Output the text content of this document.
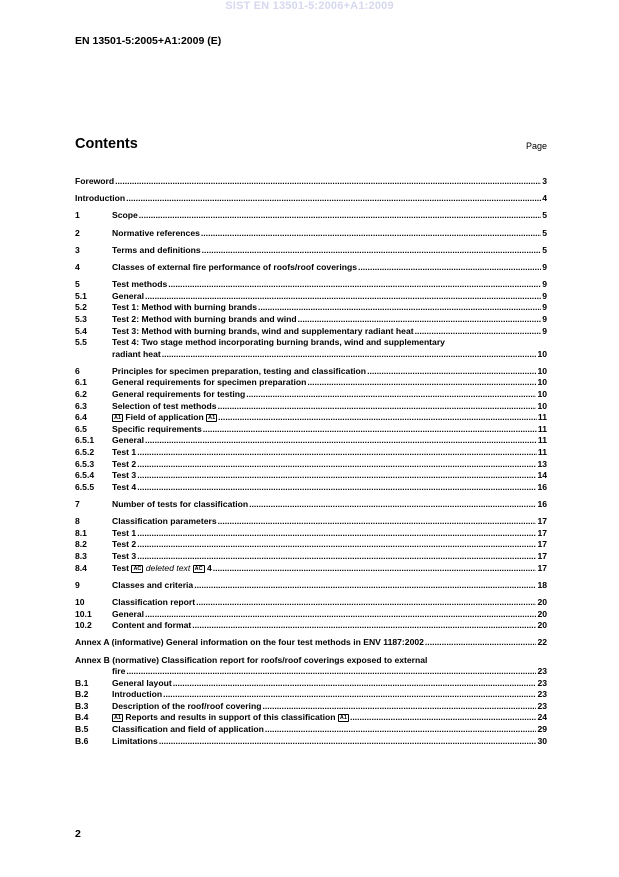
SIST EN 13501-5:2006+A1:2009
EN 13501-5:2005+A1:2009 (E)
Contents	Page
Foreword .....	3
Introduction .....	4
1	Scope .....	5
2	Normative references .....	5
3	Terms and definitions .....	5
4	Classes of external fire performance of roofs/roof coverings .....	9
5	Test methods .....	9
5.1	General .....	9
5.2	Test 1: Method with burning brands .....	9
5.3	Test 2: Method with burning brands and wind .....	9
5.4	Test 3: Method with burning brands, wind and supplementary radiant heat .....	9
5.5	Test 4: Two stage method incorporating burning brands, wind and supplementary
radiant heat .....	10
6	Principles for specimen preparation, testing and classification .....	10
6.1	General requirements for specimen preparation .....	10
6.2	General requirements for testing .....	10
6.3	Selection of test methods .....	10
6.4	A1 Field of application A1 .....	11
6.5	Specific requirements .....	11
6.5.1	General .....	11
6.5.2	Test 1 .....	11
6.5.3	Test 2 .....	13
6.5.4	Test 3 .....	14
6.5.5	Test 4 .....	16
7	Number of tests for classification .....	16
8	Classification parameters .....	17
8.1	Test 1 .....	17
8.2	Test 2 .....	17
8.3	Test 3 .....	17
8.4	Test AC deleted text AC 4 .....	17
9	Classes and criteria .....	18
10	Classification report .....	20
10.1	General .....	20
10.2	Content and format .....	20
Annex A (informative) General information on the four test methods in ENV 1187:2002 .....	22
Annex B (normative) Classification report for roofs/roof coverings exposed to external
fire .....	23
B.1	General layout .....	23
B.2	Introduction .....	23
B.3	Description of the roof/roof covering .....	23
B.4	A1 Reports and results in support of this classification A1 .....	24
B.5	Classification and field of application .....	29
B.6	Limitations .....	30
2
